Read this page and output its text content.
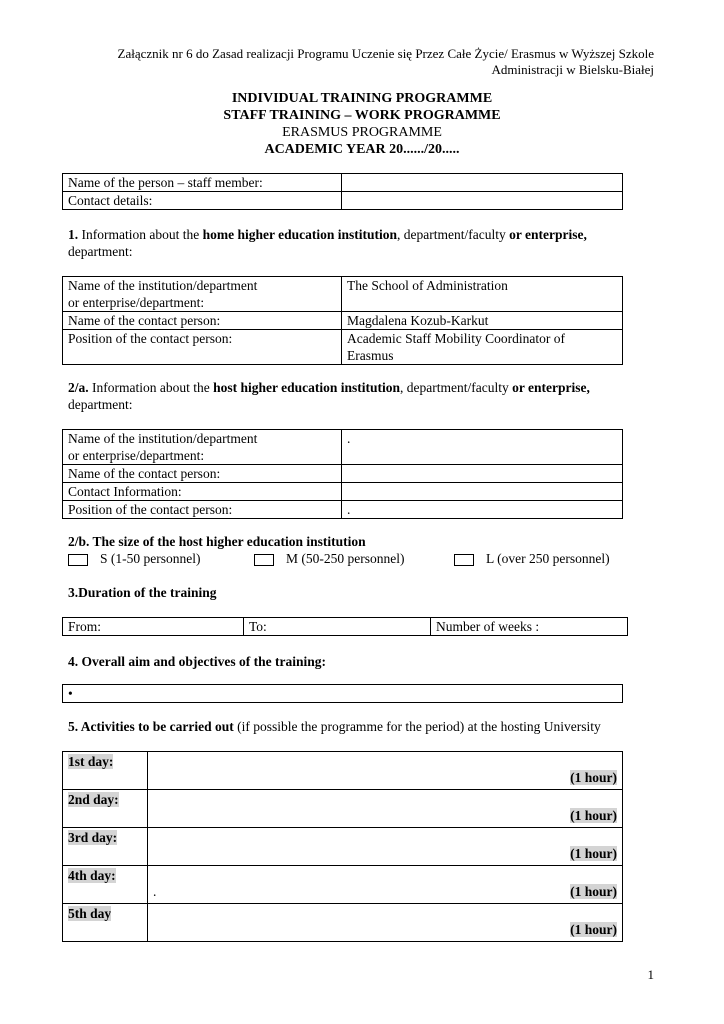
Załącznik nr 6 do Zasad realizacji Programu Uczenie się Przez Całe Życie/ Erasmus w Wyższej Szkole
Administracji w Bielsku-Białej
INDIVIDUAL TRAINING PROGRAMME
STAFF TRAINING – WORK PROGRAMME
ERASMUS PROGRAMME
ACADEMIC YEAR 20....../20.....
Name of the person – staff member:	
Contact details:	
1. Information about the home higher education institution, department/faculty or enterprise,
department:
Name of the institution/department
or enterprise/department:	The School of Administration
Name of the contact person:	Magdalena Kozub-Karkut
Position of the contact person:	Academic Staff Mobility Coordinator of
Erasmus
2/a. Information about the host higher education institution, department/faculty or enterprise,
department:
Name of the institution/department
or enterprise/department:	.
Name of the contact person:	
Contact Information:	
Position of the contact person:	.
2/b. The size of the host higher education institution
S (1-50 personnel)	M (50-250 personnel)	L (over 250 personnel)
3.Duration of the training
From:	To:	Number of weeks :
4. Overall aim and objectives of the training:
•
5. Activities to be carried out (if possible the programme for the period) at the hosting University
1st day:		(1 hour)
2nd day:		(1 hour)
3rd day:		(1 hour)
4th day:	.	(1 hour)
5th day		(1 hour)
1
